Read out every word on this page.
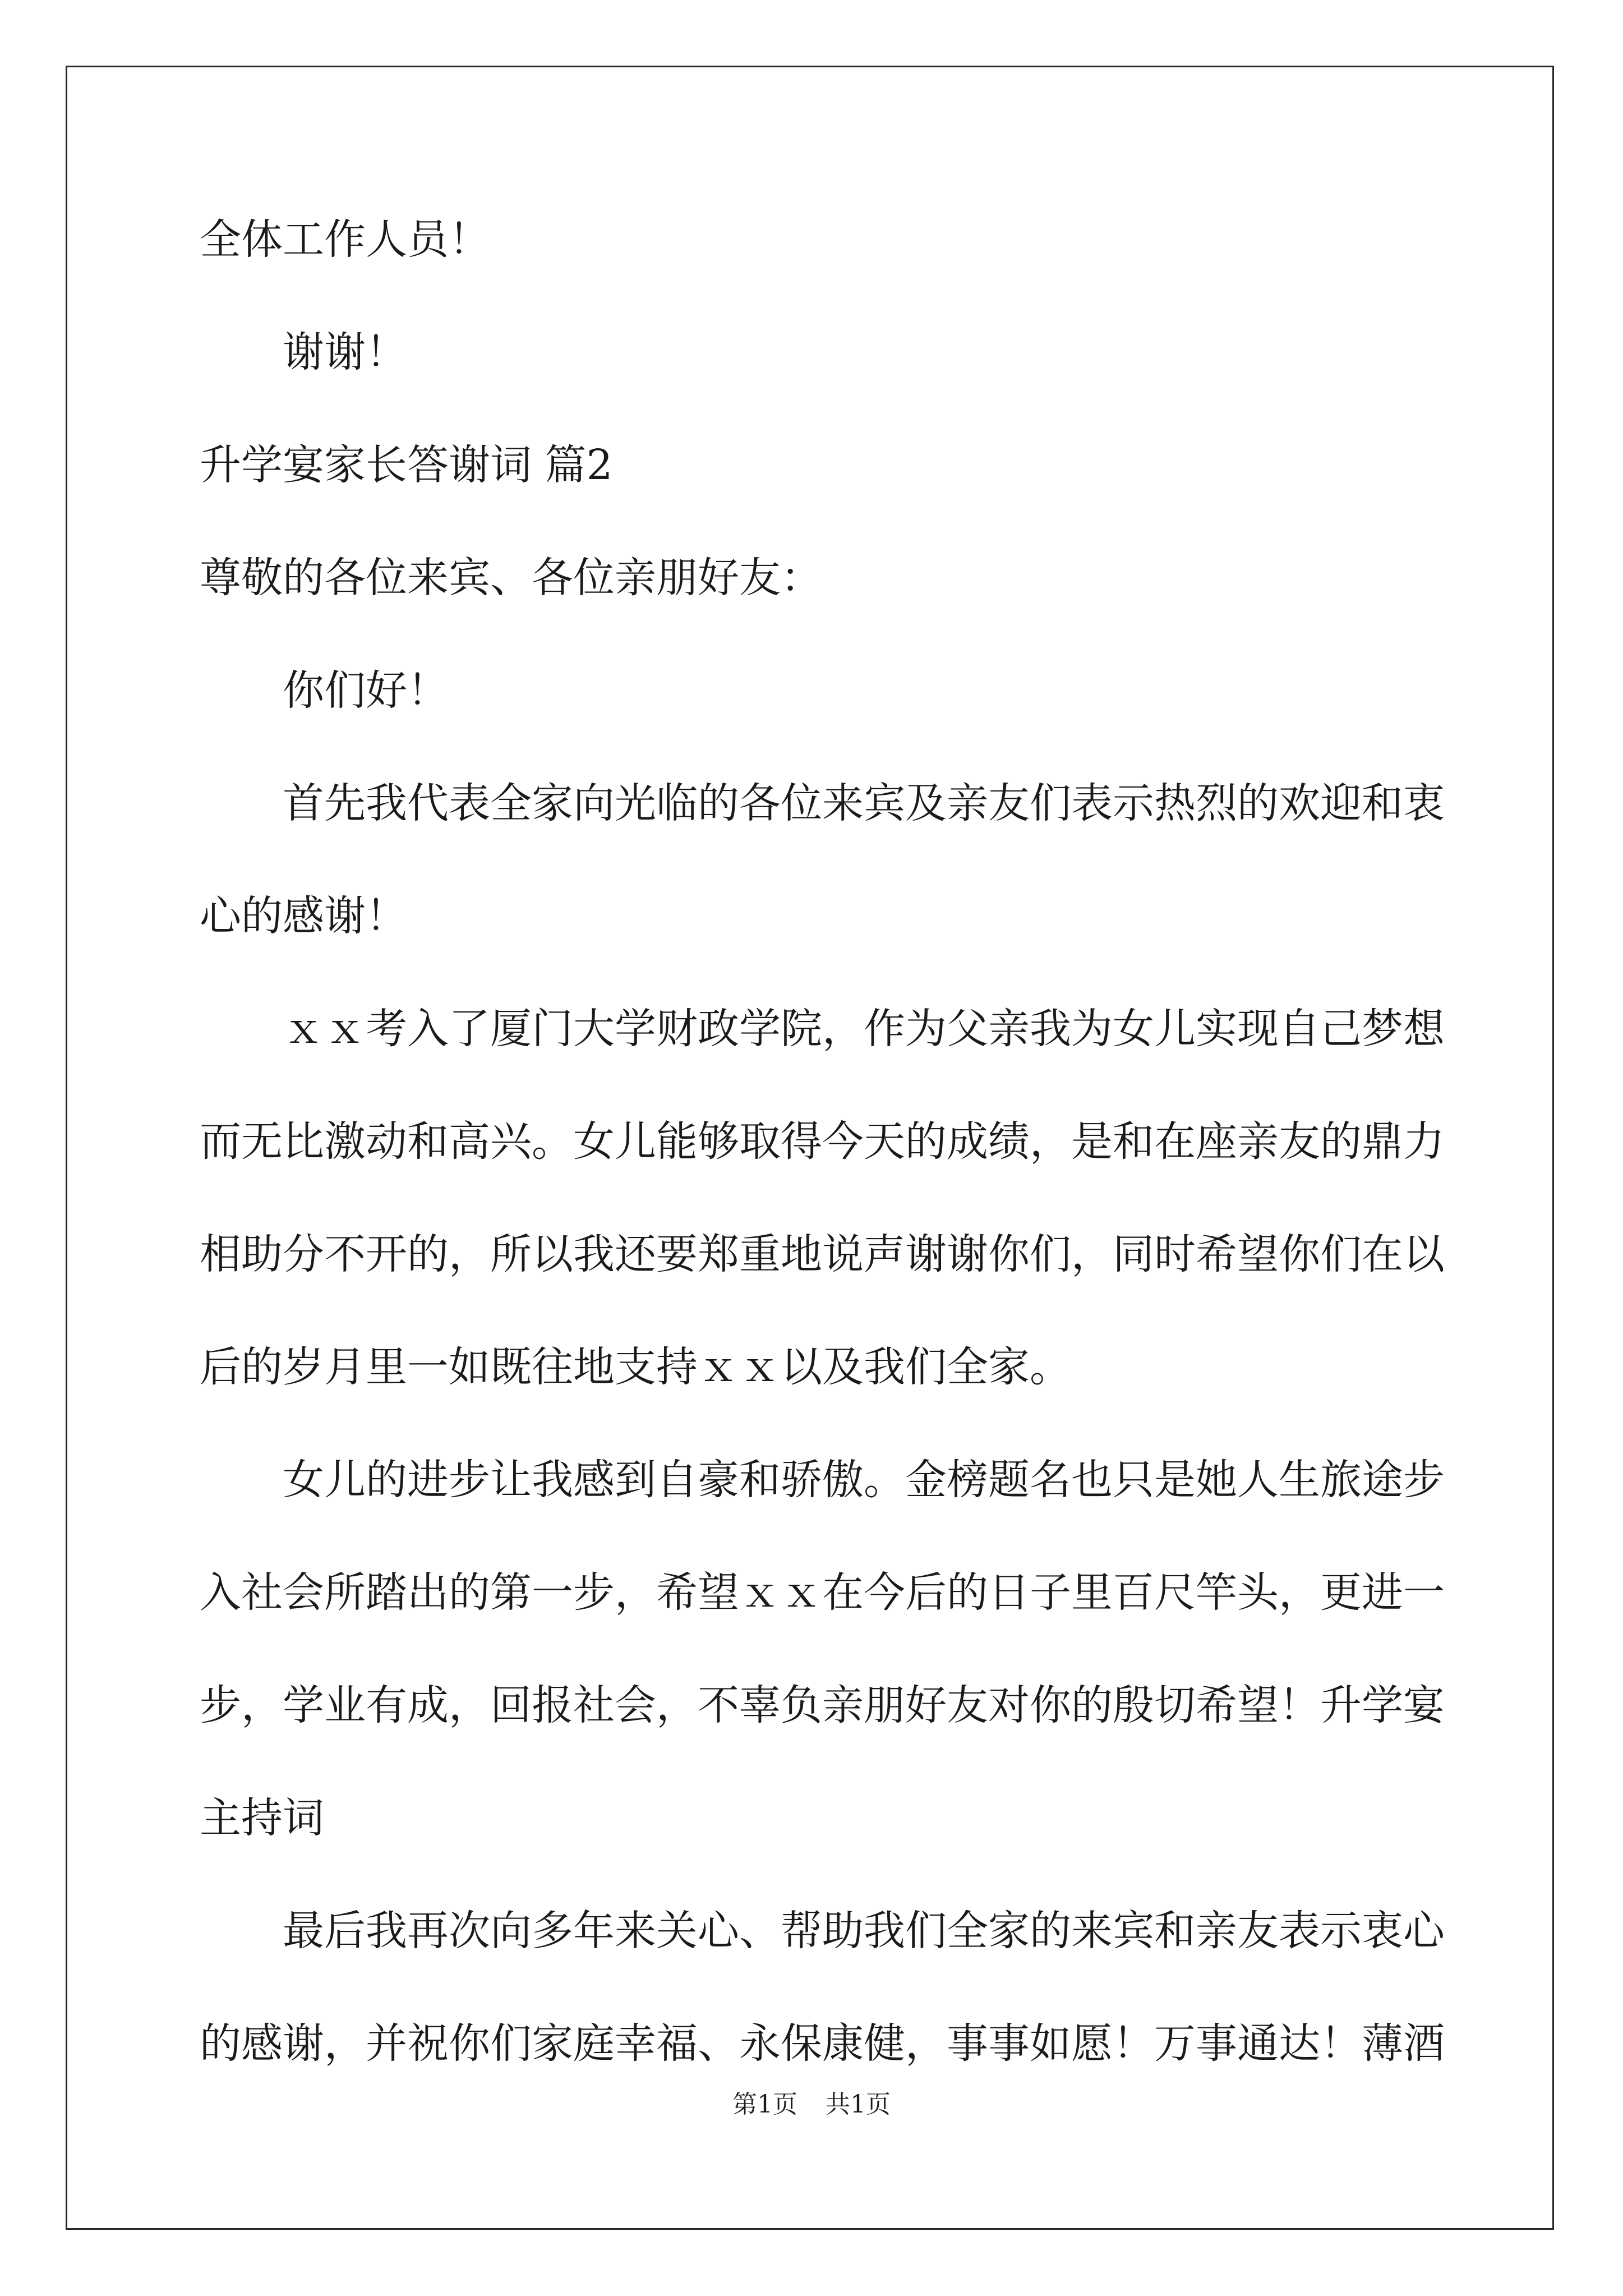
全体工作人员！
谢谢！
升学宴家长答谢词 篇2
尊敬的各位来宾、各位亲朋好友：
你们好！
首先我代表全家向光临的各位来宾及亲友们表示热烈的欢迎和衷
心的感谢！
ｘｘ考入了厦门大学财政学院，作为父亲我为女儿实现自己梦想
而无比激动和高兴。女儿能够取得今天的成绩，是和在座亲友的鼎力
相助分不开的，所以我还要郑重地说声谢谢你们，同时希望你们在以
后的岁月里一如既往地支持ｘｘ以及我们全家。
女儿的进步让我感到自豪和骄傲。金榜题名也只是她人生旅途步
入社会所踏出的第一步，希望ｘｘ在今后的日子里百尺竿头，更进一
步，学业有成，回报社会，不辜负亲朋好友对你的殷切希望！升学宴
主持词
最后我再次向多年来关心、帮助我们全家的来宾和亲友表示衷心
的感谢，并祝你们家庭幸福、永保康健，事事如愿！万事通达！薄酒
第1页 共1页
